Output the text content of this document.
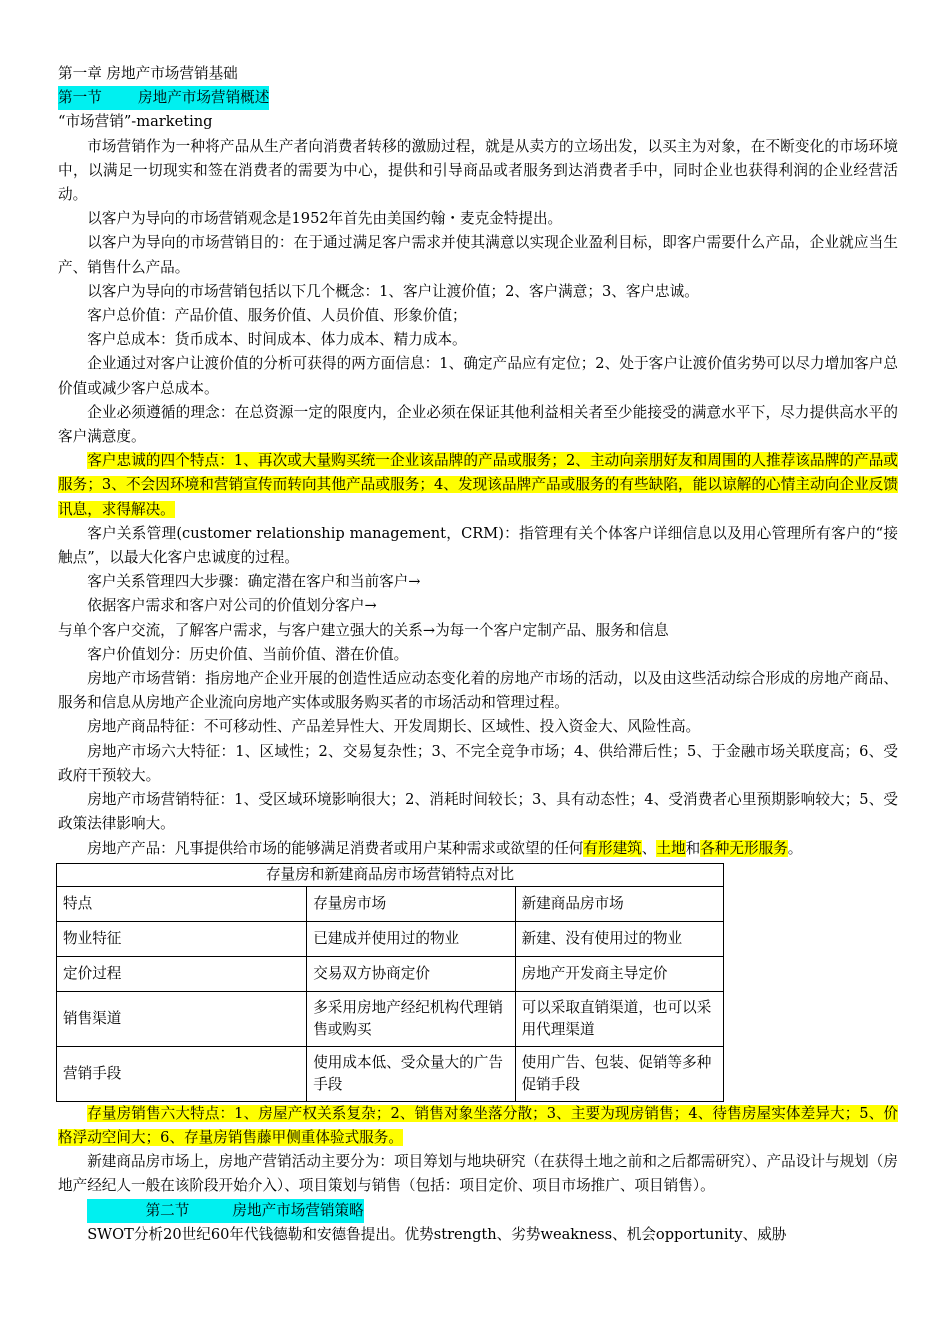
第一章 房地产市场营销基础

第一节 房地产市场营销概述

“市场营销”-marketing

市场营销作为一种将产品从生产者向消费者转移的激励过程，就是从卖方的立场出发，以买主为对象，在不断变化的市场环境中，以满足一切现实和签在消费者的需要为中心，提供和引导商品或者服务到达消费者手中，同时企业也获得利润的企业经营活动。

以客户为导向的市场营销观念是1952年首先由美国约翰・麦克金特提出。

以客户为导向的市场营销目的：在于通过满足客户需求并使其满意以实现企业盈利目标，即客户需要什么产品，企业就应当生产、销售什么产品。

以客户为导向的市场营销包括以下几个概念：1、客户让渡价值；2、客户满意；3、客户忠诚。

客户总价值：产品价值、服务价值、人员价值、形象价值；

客户总成本：货币成本、时间成本、体力成本、精力成本。

企业通过对客户让渡价值的分析可获得的两方面信息：1、确定产品应有定位；2、处于客户让渡价值劣势可以尽力增加客户总价值或减少客户总成本。

企业必须遵循的理念：在总资源一定的限度内，企业必须在保证其他利益相关者至少能接受的满意水平下，尽力提供高水平的客户满意度。

客户忠诚的四个特点：1、再次或大量购买统一企业该品牌的产品或服务；2、主动向亲朋好友和周围的人推荐该品牌的产品或服务；3、不会因环境和营销宣传而转向其他产品或服务；4、发现该品牌产品或服务的有些缺陷，能以谅解的心情主动向企业反馈讯息，求得解决。

客户关系管理(customer relationship management，CRM)：指管理有关个体客户详细信息以及用心管理所有客户的“接触点”，以最大化客户忠诚度的过程。

客户关系管理四大步骤：确定潜在客户和当前客户→

依据客户需求和客户对公司的价值划分客户→

与单个客户交流，了解客户需求，与客户建立强大的关系→为每一个客户定制产品、服务和信息

客户价值划分：历史价值、当前价值、潜在价值。

房地产市场营销：指房地产企业开展的创造性适应动态变化着的房地产市场的活动，以及由这些活动综合形成的房地产商品、服务和信息从房地产企业流向房地产实体或服务购买者的市场活动和管理过程。

房地产商品特征：不可移动性、产品差异性大、开发周期长、区域性、投入资金大、风险性高。

房地产市场六大特征：1、区域性；2、交易复杂性；3、不完全竞争市场；4、供给滞后性；5、于金融市场关联度高；6、受政府干预较大。

房地产市场营销特征：1、受区域环境影响很大；2、消耗时间较长；3、具有动态性；4、受消费者心里预期影响较大；5、受政策法律影响大。

房地产产品：凡事提供给市场的能够满足消费者或用户某种需求或欲望的任何有形建筑、土地和各种无形服务。

存量房和新建商品房市场营销特点对比		
特点	存量房市场	新建商品房市场
物业特征	已建成并使用过的物业	新建、没有使用过的物业
定价过程	交易双方协商定价	房地产开发商主导定价
销售渠道	多采用房地产经纪机构代理销售或购买	可以采取直销渠道，也可以采用代理渠道
营销手段	使用成本低、受众量大的广告手段	使用广告、包装、促销等多种促销手段

存量房销售六大特点：1、房屋产权关系复杂；2、销售对象坐落分散；3、主要为现房销售；4、待售房屋实体差异大；5、价格浮动空间大；6、存量房销售藤甲侧重体验式服务。

新建商品房市场上，房地产营销活动主要分为：项目筹划与地块研究（在获得土地之前和之后都需研究）、产品设计与规划（房地产经纪人一般在该阶段开始介入）、项目策划与销售（包括：项目定价、项目市场推广、项目销售）。

第二节	房地产市场营销策略

SWOT分析20世纪60年代钱德勒和安德鲁提出。优势strength、劣势weakness、机会opportunity、威胁
